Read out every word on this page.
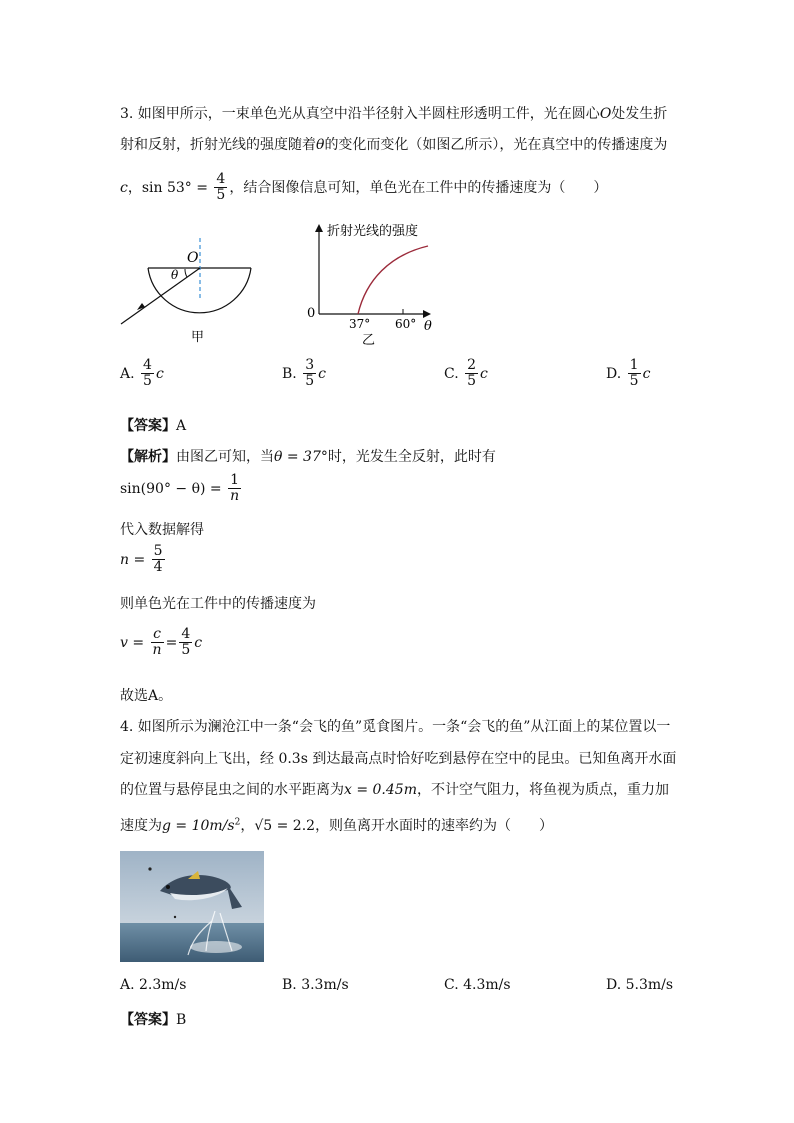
3. 如图甲所示，一束单色光从真空中沿半径射入半圆柱形透明工件，光在圆心O处发生折
射和反射，折射光线的强度随着θ的变化而变化（如图乙所示），光在真空中的传播速度为
c，$\sin 53^\circ = \frac{4}{5}$ ，结合图像信息可知，单色光在工件中的传播速度为（　　）
O
θ
甲
折射光线的强度
0
37° 60° θ
乙
A. $\frac{4}{5}$ c	B. $\frac{3}{5}$ c	C. $\frac{2}{5}$ c	D. $\frac{1}{5}$ c
【答案】A
【解析】由图乙可知，当θ = 37°时，光发生全反射，此时有
$\sin(90^\circ - \theta) = \frac{1}{n}$
代入数据解得
$n = \frac{5}{4}$
则单色光在工件中的传播速度为
$v = \frac{c}{n} = \frac{4}{5}$ c
故选A。
4. 如图所示为澜沧江中一条“会飞的鱼”觅食图片。一条“会飞的鱼”从江面上的某位置以一
定初速度斜向上飞出，经 0.3s 到达最高点时恰好吃到悬停在空中的昆虫。已知鱼离开水面
的位置与悬停昆虫之间的水平距离为x = 0.45m，不计空气阻力，将鱼视为质点，重力加
速度为$g = 10m/s^2$，√5 = 2.2，则鱼离开水面时的速率约为（　　）
A. 2.3m/s	B. 3.3m/s	C. 4.3m/s	D. 5.3m/s
【答案】B
